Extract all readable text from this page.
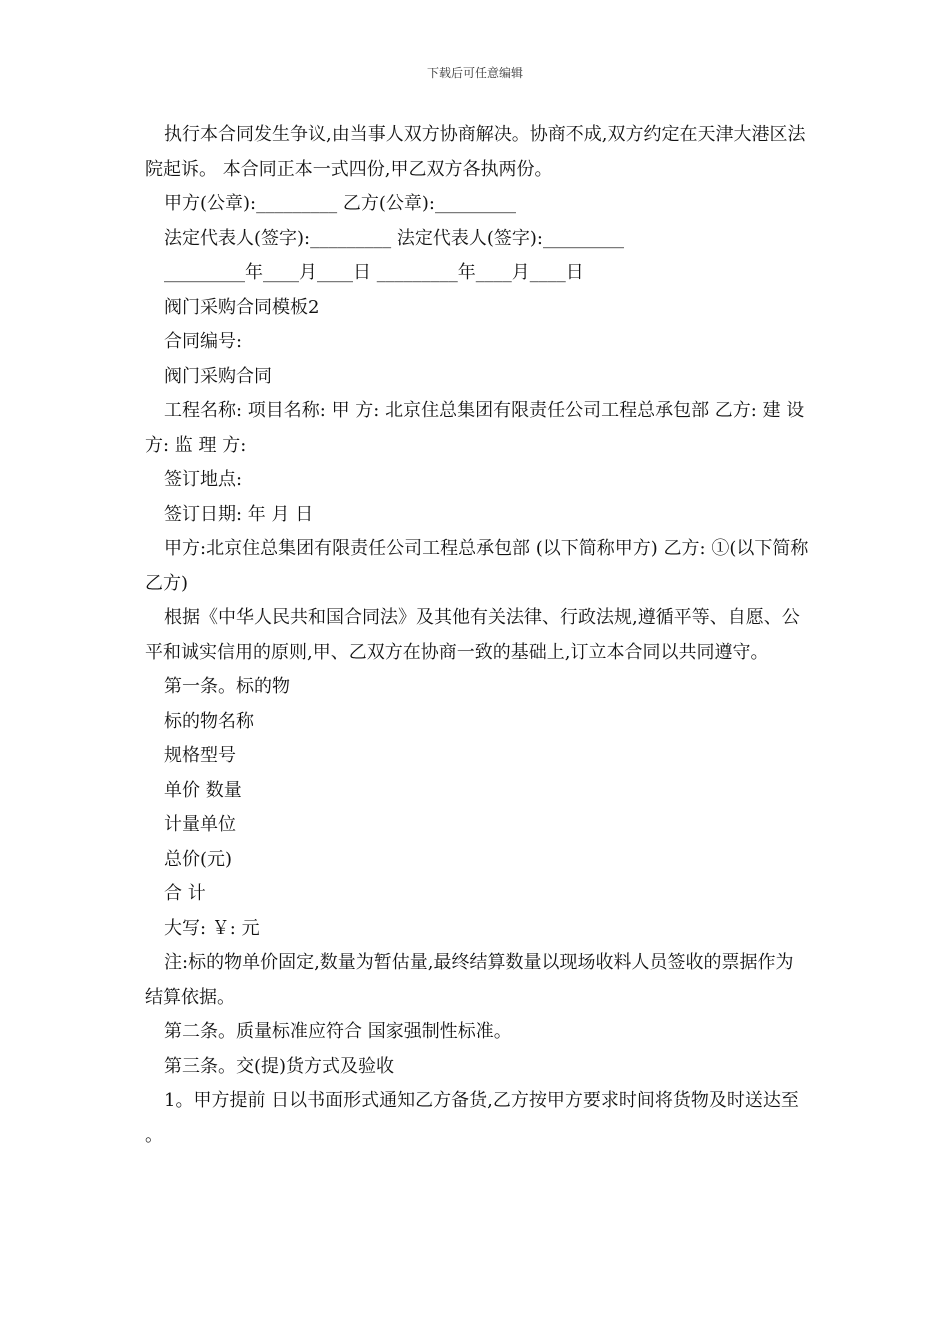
下载后可任意编辑

执行本合同发生争议,由当事人双方协商解决。协商不成,双方约定在天津大港区法院起诉。 本合同正本一式四份,甲乙双方各执两份。

甲方(公章):_________ 乙方(公章):_________

法定代表人(签字):_________ 法定代表人(签字):_________

_________年____月____日 _________年____月____日

阀门采购合同模板2

合同编号:

阀门采购合同

工程名称: 项目名称: 甲 方: 北京住总集团有限责任公司工程总承包部 乙方: 建 设 方: 监 理 方:

签订地点:

签订日期: 年 月 日

甲方:北京住总集团有限责任公司工程总承包部 (以下简称甲方) 乙方: ①(以下简称乙方)

根据《中华人民共和国合同法》及其他有关法律、行政法规,遵循平等、自愿、公平和诚实信用的原则,甲、乙双方在协商一致的基础上,订立本合同以共同遵守。

第一条。标的物

标的物名称

规格型号

单价 数量

计量单位

总价(元)

合 计

大写: ￥: 元

注:标的物单价固定,数量为暂估量,最终结算数量以现场收料人员签收的票据作为结算依据。

第二条。质量标准应符合 国家强制性标准。

第三条。交(提)货方式及验收

1。甲方提前 日以书面形式通知乙方备货,乙方按甲方要求时间将货物及时送达至 。
